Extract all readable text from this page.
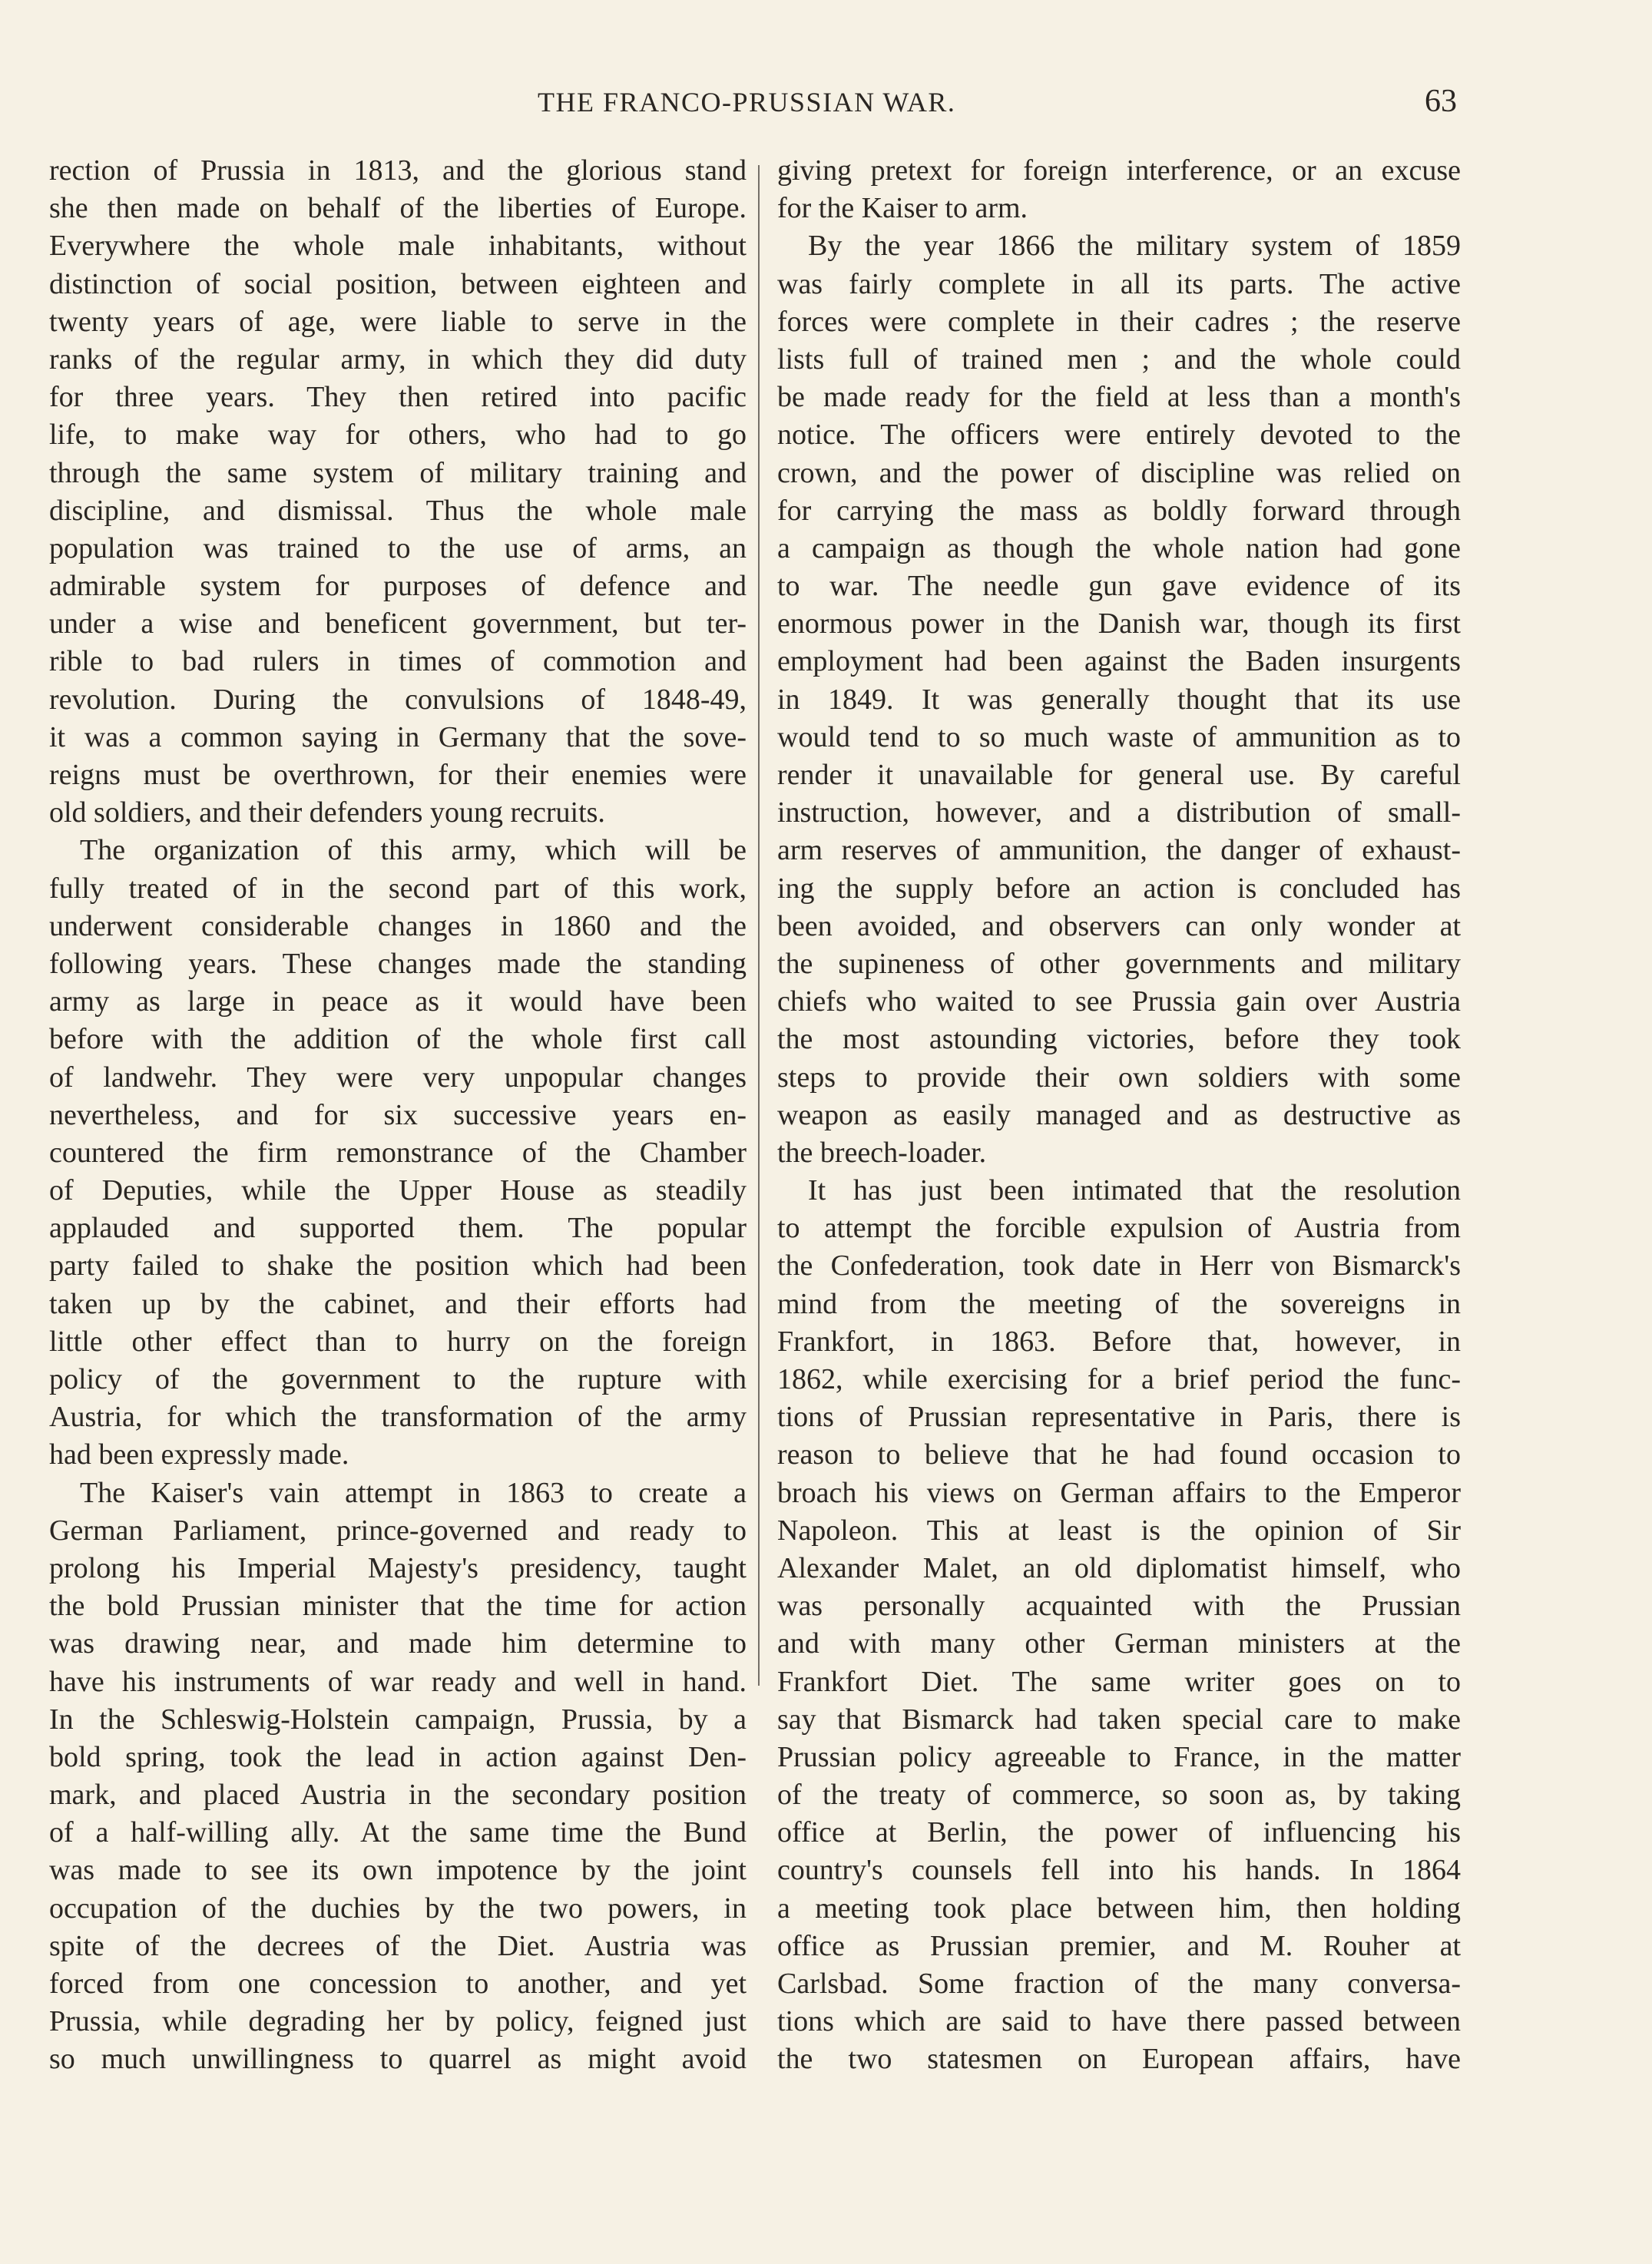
THE FRANCO-PRUSSIAN WAR.	63
rection of Prussia in 1813, and the glorious stand
she then made on behalf of the liberties of Europe.
Everywhere the whole male inhabitants, without
distinction of social position, between eighteen and
twenty years of age, were liable to serve in the
ranks of the regular army, in which they did duty
for three years. They then retired into pacific
life, to make way for others, who had to go
through the same system of military training and
discipline, and dismissal. Thus the whole male
population was trained to the use of arms, an
admirable system for purposes of defence and
under a wise and beneficent government, but ter-
rible to bad rulers in times of commotion and
revolution. During the convulsions of 1848-49,
it was a common saying in Germany that the sove-
reigns must be overthrown, for their enemies were
old soldiers, and their defenders young recruits.
The organization of this army, which will be
fully treated of in the second part of this work,
underwent considerable changes in 1860 and the
following years. These changes made the standing
army as large in peace as it would have been
before with the addition of the whole first call
of landwehr. They were very unpopular changes
nevertheless, and for six successive years en-
countered the firm remonstrance of the Chamber
of Deputies, while the Upper House as steadily
applauded and supported them. The popular
party failed to shake the position which had been
taken up by the cabinet, and their efforts had
little other effect than to hurry on the foreign
policy of the government to the rupture with
Austria, for which the transformation of the army
had been expressly made.
The Kaiser's vain attempt in 1863 to create a
German Parliament, prince-governed and ready to
prolong his Imperial Majesty's presidency, taught
the bold Prussian minister that the time for action
was drawing near, and made him determine to
have his instruments of war ready and well in hand.
In the Schleswig-Holstein campaign, Prussia, by a
bold spring, took the lead in action against Den-
mark, and placed Austria in the secondary position
of a half-willing ally. At the same time the Bund
was made to see its own impotence by the joint
occupation of the duchies by the two powers, in
spite of the decrees of the Diet. Austria was
forced from one concession to another, and yet
Prussia, while degrading her by policy, feigned just
so much unwillingness to quarrel as might avoid
giving pretext for foreign interference, or an excuse
for the Kaiser to arm.
By the year 1866 the military system of 1859
was fairly complete in all its parts. The active
forces were complete in their cadres ; the reserve
lists full of trained men ; and the whole could
be made ready for the field at less than a month's
notice. The officers were entirely devoted to the
crown, and the power of discipline was relied on
for carrying the mass as boldly forward through
a campaign as though the whole nation had gone
to war. The needle gun gave evidence of its
enormous power in the Danish war, though its first
employment had been against the Baden insurgents
in 1849. It was generally thought that its use
would tend to so much waste of ammunition as to
render it unavailable for general use. By careful
instruction, however, and a distribution of small-
arm reserves of ammunition, the danger of exhaust-
ing the supply before an action is concluded has
been avoided, and observers can only wonder at
the supineness of other governments and military
chiefs who waited to see Prussia gain over Austria
the most astounding victories, before they took
steps to provide their own soldiers with some
weapon as easily managed and as destructive as
the breech-loader.
It has just been intimated that the resolution
to attempt the forcible expulsion of Austria from
the Confederation, took date in Herr von Bismarck's
mind from the meeting of the sovereigns in
Frankfort, in 1863. Before that, however, in
1862, while exercising for a brief period the func-
tions of Prussian representative in Paris, there is
reason to believe that he had found occasion to
broach his views on German affairs to the Emperor
Napoleon. This at least is the opinion of Sir
Alexander Malet, an old diplomatist himself, who
was personally acquainted with the Prussian
and with many other German ministers at the
Frankfort Diet. The same writer goes on to
say that Bismarck had taken special care to make
Prussian policy agreeable to France, in the matter
of the treaty of commerce, so soon as, by taking
office at Berlin, the power of influencing his
country's counsels fell into his hands. In 1864
a meeting took place between him, then holding
office as Prussian premier, and M. Rouher at
Carlsbad. Some fraction of the many conversa-
tions which are said to have there passed between
the two statesmen on European affairs, have
